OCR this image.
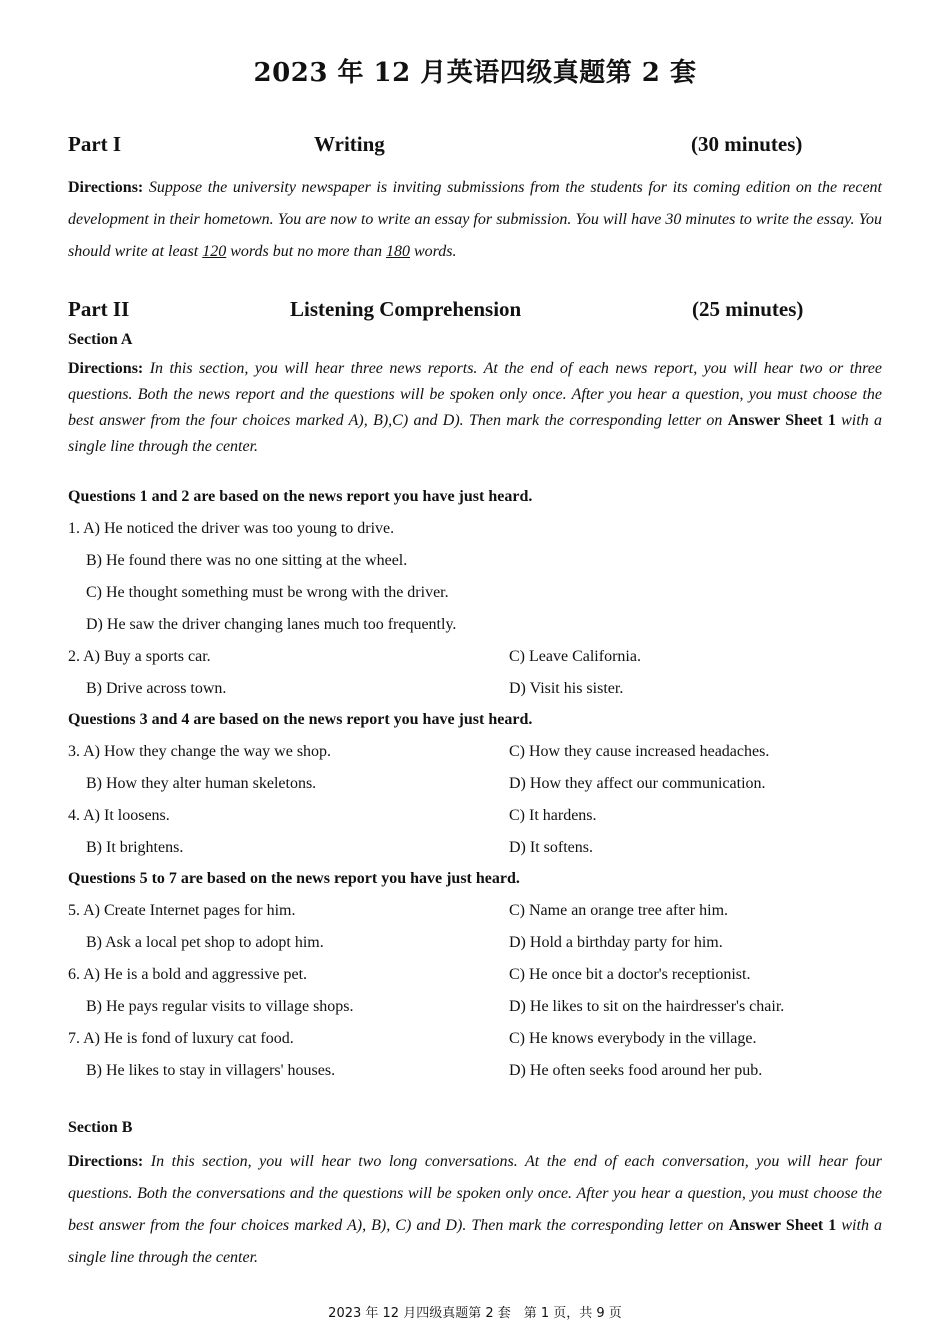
2023 年 12 月英语四级真题第 2 套
Part I	Writing	(30 minutes)
Directions: Suppose the university newspaper is inviting submissions from the students for its coming edition on the recent development in their hometown. You are now to write an essay for submission. You will have 30 minutes to write the essay. You should write at least 120 words but no more than 180 words.
Part II	Listening Comprehension	(25 minutes)
Section A
Directions: In this section, you will hear three news reports. At the end of each news report, you will hear two or three questions. Both the news report and the questions will be spoken only once. After you hear a question, you must choose the best answer from the four choices marked A), B),C) and D). Then mark the corresponding letter on Answer Sheet 1 with a single line through the center.
Questions 1 and 2 are based on the news report you have just heard.
1. A) He noticed the driver was too young to drive.
B) He found there was no one sitting at the wheel.
C) He thought something must be wrong with the driver.
D) He saw the driver changing lanes much too frequently.
2. A) Buy a sports car.	C) Leave California.
B) Drive across town.	D) Visit his sister.
Questions 3 and 4 are based on the news report you have just heard.
3. A) How they change the way we shop.	C) How they cause increased headaches.
B) How they alter human skeletons.	D) How they affect our communication.
4. A) It loosens.	C) It hardens.
B) It brightens.	D) It softens.
Questions 5 to 7 are based on the news report you have just heard.
5. A) Create Internet pages for him.	C) Name an orange tree after him.
B) Ask a local pet shop to adopt him.	D) Hold a birthday party for him.
6. A) He is a bold and aggressive pet.	C) He once bit a doctor's receptionist.
B) He pays regular visits to village shops.	D) He likes to sit on the hairdresser's chair.
7. A) He is fond of luxury cat food.	C) He knows everybody in the village.
B) He likes to stay in villagers' houses.	D) He often seeks food around her pub.
Section B
Directions: In this section, you will hear two long conversations. At the end of each conversation, you will hear four questions. Both the conversations and the questions will be spoken only once. After you hear a question, you must choose the best answer from the four choices marked A), B), C) and D). Then mark the corresponding letter on Answer Sheet 1 with a single line through the center.
2023 年 12 月四级真题第 2 套　第 1 页，共 9 页
